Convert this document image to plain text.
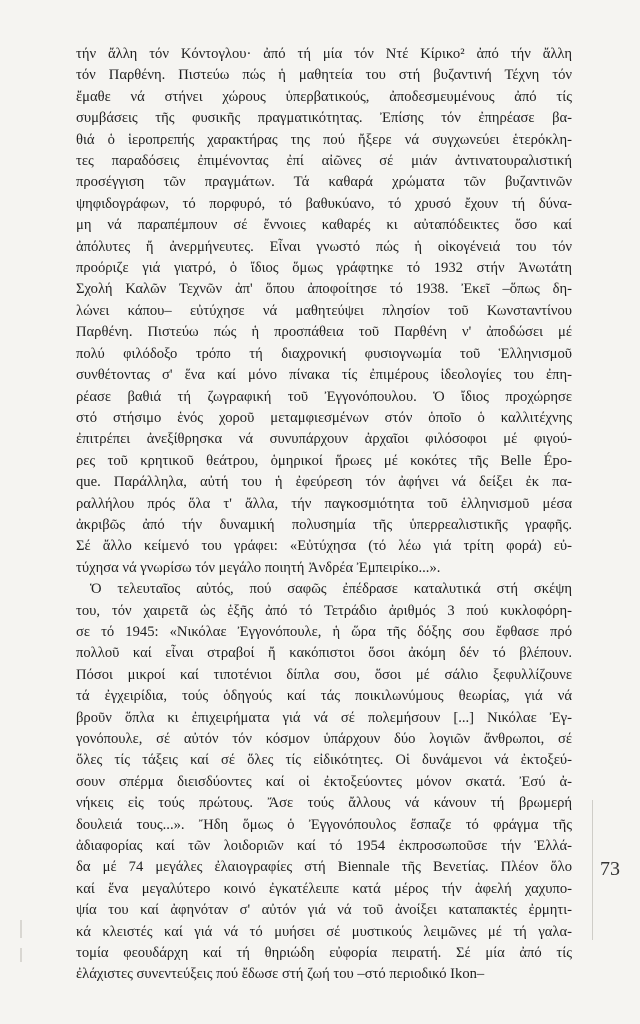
τήν ἄλλη τόν Κόντογλου· ἀπό τή μία τόν Ντέ Κίρικο² ἀπό τήν ἄλλη
τόν Παρθένη. Πιστεύω πώς ἡ μαθητεία του στή βυζαντινή Τέχνη τόν
ἔμαθε νά στήνει χώρους ὑπερβατικούς, ἀποδεσμευμένους ἀπό τίς
συμβάσεις τῆς φυσικῆς πραγματικότητας. Ἐπίσης τόν ἐπηρέασε βα-
θιά ὁ ἱεροπρεπής χαρακτήρας της πού ἤξερε νά συγχωνεύει ἑτερόκλη-
τες παραδόσεις ἐπιμένοντας ἐπί αἰῶνες σέ μιάν ἀντινατουραλιστική
προσέγγιση τῶν πραγμάτων. Τά καθαρά χρώματα τῶν βυζαντινῶν
ψηφιδογράφων, τό πορφυρό, τό βαθυκύανο, τό χρυσό ἔχουν τή δύνα-
μη νά παραπέμπουν σέ ἔννοιες καθαρές κι αὐταπόδεικτες ὅσο καί
ἀπόλυτες ἤ ἀνερμήνευτες. Εἶναι γνωστό πώς ἡ οἰκογένειά του τόν
προόριζε γιά γιατρό, ὁ ἴδιος ὅμως γράφτηκε τό 1932 στήν Ἀνωτάτη
Σχολή Καλῶν Τεχνῶν ἀπ' ὅπου ἀποφοίτησε τό 1938. Ἐκεῖ –ὅπως δη-
λώνει κάπου– εὐτύχησε νά μαθητεύψει πλησίον τοῦ Κωνσταντίνου
Παρθένη. Πιστεύω πώς ἡ προσπάθεια τοῦ Παρθένη ν' ἀποδώσει μέ
πολύ φιλόδοξο τρόπο τή διαχρονική φυσιογνωμία τοῦ Ἑλληνισμοῦ
συνθέτοντας σ' ἕνα καί μόνο πίνακα τίς ἐπιμέρους ἰδεολογίες του ἐπη-
ρέασε βαθιά τή ζωγραφική τοῦ Ἐγγονόπουλου. Ὁ ἴδιος προχώρησε
στό στήσιμο ἑνός χοροῦ μεταμφιεσμένων στόν ὁποῖο ὁ καλλιτέχνης
ἐπιτρέπει ἀνεξίθρησκα νά συνυπάρχουν ἀρχαῖοι φιλόσοφοι μέ φιγού-
ρες τοῦ κρητικοῦ θεάτρου, ὁμηρικοί ἥρωες μέ κοκότες τῆς Belle Épo-
que. Παράλληλα, αὐτή του ἡ ἐφεύρεση τόν ἀφήνει νά δείξει ἐκ πα-
ραλλήλου πρός ὅλα τ' ἄλλα, τήν παγκοσμιότητα τοῦ ἑλληνισμοῦ μέσα
ἀκριβῶς ἀπό τήν δυναμική πολυσημία τῆς ὑπερρεαλιστικῆς γραφῆς.
Σέ ἄλλο κείμενό του γράφει: «Εὐτύχησα (τό λέω γιά τρίτη φορά) εὐ-
τύχησα νά γνωρίσω τόν μεγάλο ποιητή Ἀνδρέα Ἐμπειρίκο...».
Ὁ τελευταῖος αὐτός, πού σαφῶς ἐπέδρασε καταλυτικά στή σκέψη
του, τόν χαιρετᾶ ὡς ἑξῆς ἀπό τό Τετράδιο ἀριθμός 3 πού κυκλοφόρη-
σε τό 1945: «Νικόλαε Ἐγγονόπουλε, ἡ ὥρα τῆς δόξης σου ἔφθασε πρό
πολλοῦ καί εἶναι στραβοί ἤ κακόπιστοι ὅσοι ἀκόμη δέν τό βλέπουν.
Πόσοι μικροί καί τιποτένιοι δίπλα σου, ὅσοι μέ σάλιο ξεφυλλίζουνε
τά ἐγχειρίδια, τούς ὁδηγούς καί τάς ποικιλωνύμους θεωρίας, γιά νά
βροῦν ὅπλα κι ἐπιχειρήματα γιά νά σέ πολεμήσουν [...] Νικόλαε Ἐγ-
γονόπουλε, σέ αὐτόν τόν κόσμον ὑπάρχουν δύο λογιῶν ἄνθρωποι, σέ
ὅλες τίς τάξεις καί σέ ὅλες τίς εἰδικότητες. Οἱ δυνάμενοι νά ἐκτοξεύ-
σουν σπέρμα διεισδύοντες καί οἱ ἐκτοξεύοντες μόνον σκατά. Ἐσύ ἀ-
νήκεις εἰς τούς πρώτους. Ἄσε τούς ἄλλους νά κάνουν τή βρωμερή
δουλειά τους...». Ἤδη ὅμως ὁ Ἐγγονόπουλος ἔσπαζε τό φράγμα τῆς
ἀδιαφορίας καί τῶν λοιδοριῶν καί τό 1954 ἐκπροσωποῦσε τήν Ἑλλά-
δα μέ 74 μεγάλες ἐλαιογραφίες στή Biennale τῆς Βενετίας. Πλέον ὅλο
καί ἕνα μεγαλύτερο κοινό ἐγκατέλειπε κατά μέρος τήν ἀφελή χαχυπο-
ψία του καί ἀφηνόταν σ' αὐτόν γιά νά τοῦ ἀνοίξει καταπακτές ἐρμητι-
κά κλειστές καί γιά νά τό μυήσει σέ μυστικούς λειμῶνες μέ τή γαλα-
τομία φεουδάρχη καί τή θηριώδη εὐφορία πειρατή. Σέ μία ἀπό τίς
ἐλάχιστες συνεντεύξεις πού ἔδωσε στή ζωή του –στό περιοδικό Ikon–
73
